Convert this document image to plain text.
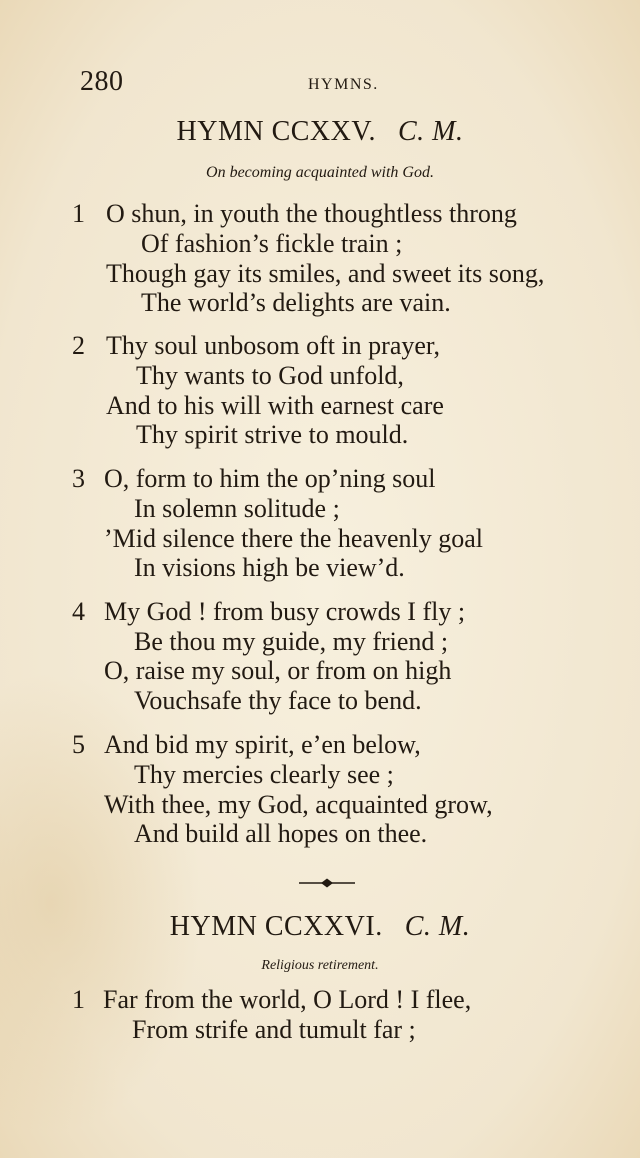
280	HYMNS.
HYMN CCXXV. C. M.
On becoming acquainted with God.
1 O shun, in youth the thoughtless throng
Of fashion’s fickle train ;
Though gay its smiles, and sweet its song,
The world’s delights are vain.
2 Thy soul unbosom oft in prayer,
Thy wants to God unfold,
And to his will with earnest care
Thy spirit strive to mould.
3 O, form to him the op’ning soul
In solemn solitude ;
’Mid silence there the heavenly goal
In visions high be view’d.
4 My God ! from busy crowds I fly ;
Be thou my guide, my friend ;
O, raise my soul, or from on high
Vouchsafe thy face to bend.
5 And bid my spirit, e’en below,
Thy mercies clearly see ;
With thee, my God, acquainted grow,
And build all hopes on thee.
HYMN CCXXVI. C. M.
Religious retirement.
1 Far from the world, O Lord ! I flee,
From strife and tumult far ;
